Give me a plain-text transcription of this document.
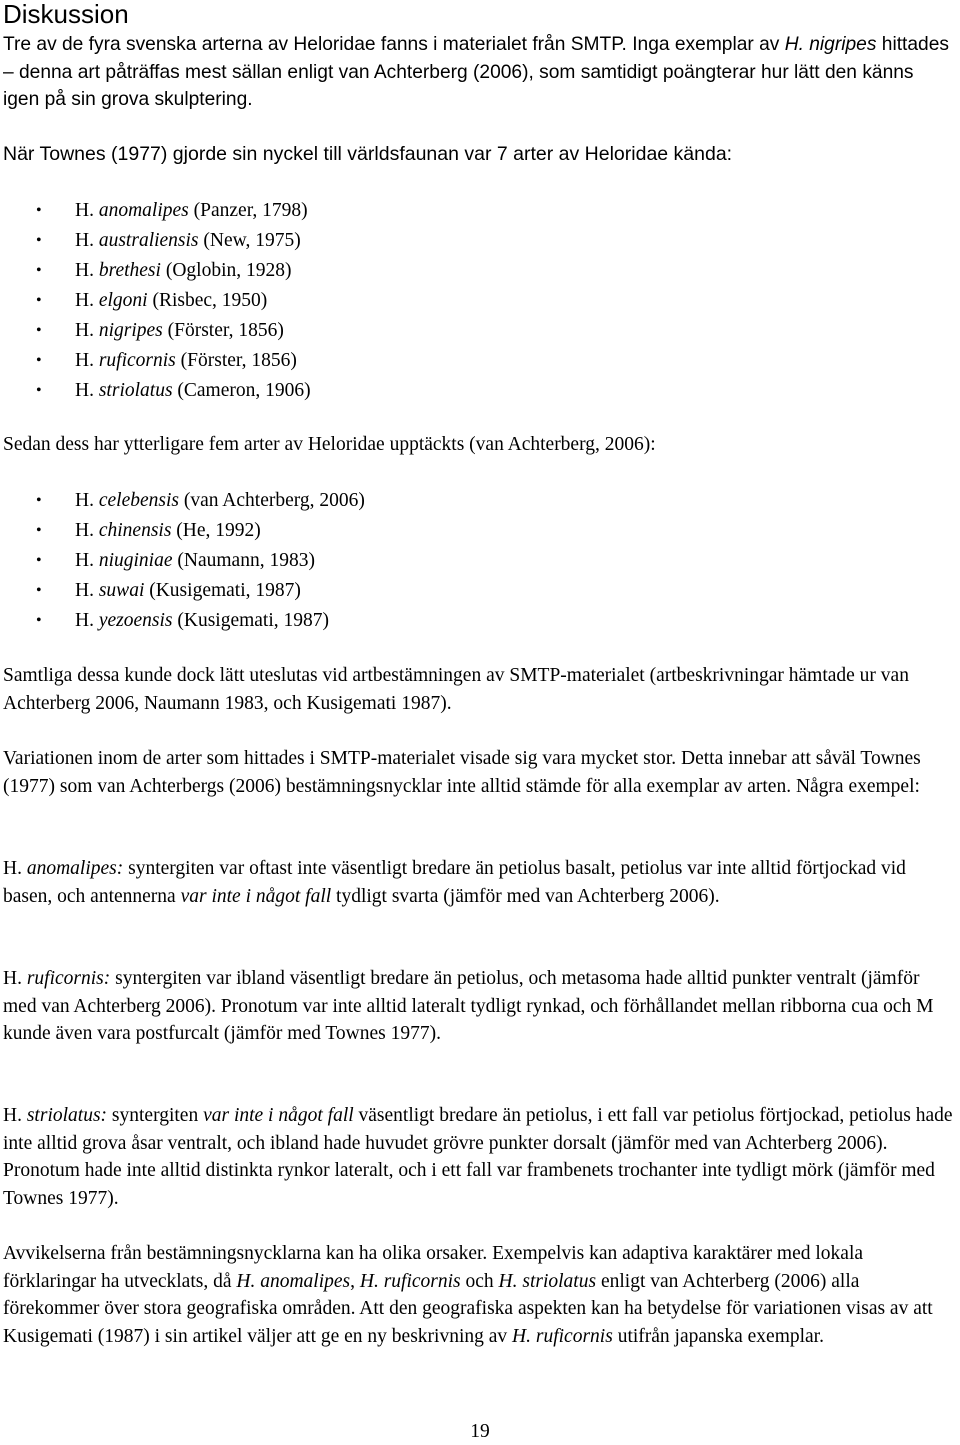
Diskussion

Tre av de fyra svenska arterna av Heloridae fanns i materialet från SMTP. Inga exemplar av H. nigripes hittades – denna art påträffas mest sällan enligt van Achterberg (2006), som samtidigt poängterar hur lätt den känns igen på sin grova skulptering.

När Townes (1977) gjorde sin nyckel till världsfaunan var 7 arter av Heloridae kända:

• H. anomalipes (Panzer, 1798)
• H. australiensis (New, 1975)
• H. brethesi (Oglobin, 1928)
• H. elgoni (Risbec, 1950)
• H. nigripes (Förster, 1856)
• H. ruficornis (Förster, 1856)
• H. striolatus (Cameron, 1906)

Sedan dess har ytterligare fem arter av Heloridae upptäckts (van Achterberg, 2006):

• H. celebensis (van Achterberg, 2006)
• H. chinensis (He, 1992)
• H. niuginiae (Naumann, 1983)
• H. suwai (Kusigemati, 1987)
• H. yezoensis (Kusigemati, 1987)

Samtliga dessa kunde dock lätt uteslutas vid artbestämningen av SMTP-materialet (artbeskrivningar hämtade ur van Achterberg 2006, Naumann 1983, och Kusigemati 1987).

Variationen inom de arter som hittades i SMTP-materialet visade sig vara mycket stor. Detta innebar att såväl Townes (1977) som van Achterbergs (2006) bestämningsnycklar inte alltid stämde för alla exemplar av arten. Några exempel:

H. anomalipes: syntergiten var oftast inte väsentligt bredare än petiolus basalt, petiolus var inte alltid förtjockad vid basen, och antennerna var inte i något fall tydligt svarta (jämför med van Achterberg 2006).

H. ruficornis: syntergiten var ibland väsentligt bredare än petiolus, och metasoma hade alltid punkter ventralt (jämför med van Achterberg 2006). Pronotum var inte alltid lateralt tydligt rynkad, och förhållandet mellan ribborna cua och M kunde även vara postfurcalt (jämför med Townes 1977).

H. striolatus: syntergiten var inte i något fall väsentligt bredare än petiolus, i ett fall var petiolus förtjockad, petiolus hade inte alltid grova åsar ventralt, och ibland hade huvudet grövre punkter dorsalt (jämför med van Achterberg 2006). Pronotum hade inte alltid distinkta rynkor lateralt, och i ett fall var frambenets trochanter inte tydligt mörk (jämför med Townes 1977).

Avvikelserna från bestämningsnycklarna kan ha olika orsaker. Exempelvis kan adaptiva karaktärer med lokala förklaringar ha utvecklats, då H. anomalipes, H. ruficornis och H. striolatus enligt van Achterberg (2006) alla förekommer över stora geografiska områden. Att den geografiska aspekten kan ha betydelse för variationen visas av att Kusigemati (1987) i sin artikel väljer att ge en ny beskrivning av H. ruficornis utifrån japanska exemplar.

19
